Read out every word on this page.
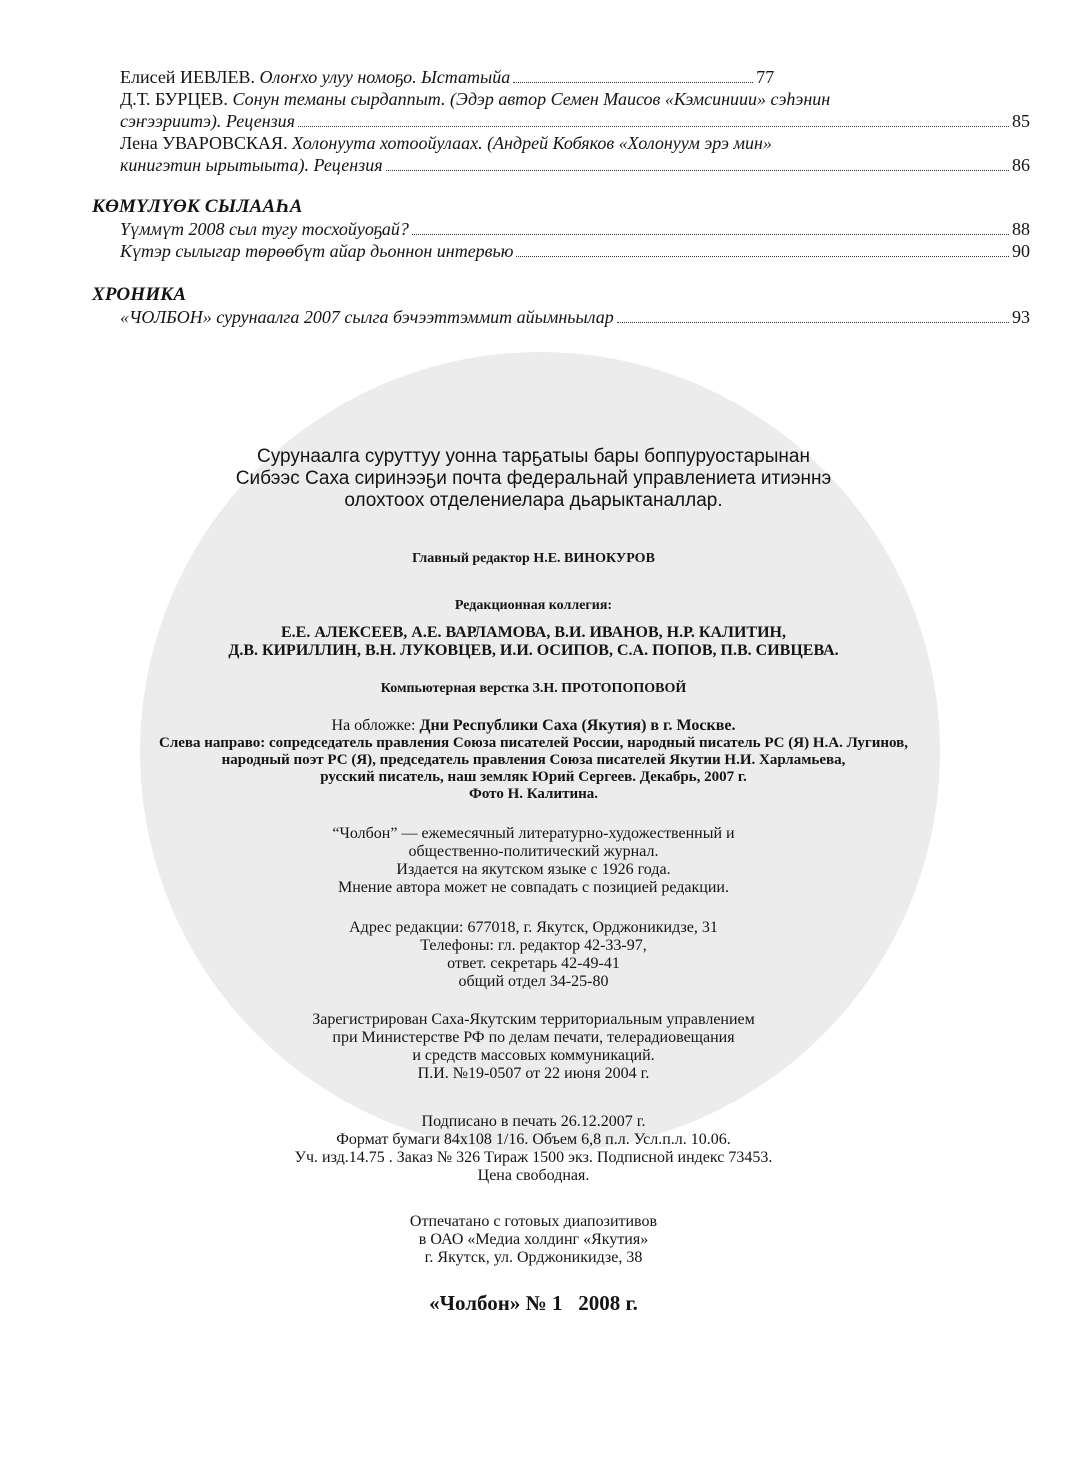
Елисей ИЕВЛЕВ. Олоҥхо улуу номоҕо. Ыстатыйа	77
Д.Т. БУРЦЕВ. Сонун теманы сырдаппыт. (Эдэр автор Семен Маисов «Кэмсиниии» сэһэнин
сэҥээриитэ). Рецензия	85
Лена УВАРОВСКАЯ. Холонуута хотоойулаах. (Андрей Кобяков «Холонуум эрэ мин»
кинигэтин ырытыыта). Рецензия	86
КӨМҮЛҮӨК СЫЛААҺА
Үүммүт 2008 сыл тугу тосхойуоҕай?	88
Күтэр сылыгар төрөөбүт айар дьоннон интервью	90
ХРОНИКА
«ЧОЛБОН» сурунаалга 2007 сылга бэчээттэммит айымньылар	93
Сурунаалга суруттуу уонна тарҕатыы бары боппуруостарынан
Сибээс Саха сиринээҕи почта федеральнай управлениета итиэннэ
олохтоох отделениелара дьарыктаналлар.
Главный редактор Н.Е. ВИНОКУРОВ
Редакционная коллегия:
Е.Е. АЛЕКСЕЕВ, А.Е. ВАРЛАМОВА, В.И. ИВАНОВ, Н.Р. КАЛИТИН,
Д.В. КИРИЛЛИН, В.Н. ЛУКОВЦЕВ, И.И. ОСИПОВ, С.А. ПОПОВ, П.В. СИВЦЕВА.
Компьютерная верстка З.Н. ПРОТОПОПОВОЙ
На обложке: Дни Республики Саха (Якутия) в г. Москве.
Слева направо: сопредседатель правления Союза писателей России, народный писатель РС (Я) Н.А. Лугинов,
народный поэт РС (Я), председатель правления Союза писателей Якутии Н.И. Харламьева,
русский писатель, наш земляк Юрий Сергеев. Декабрь, 2007 г.
Фото Н. Калитина.
“Чолбон” — ежемесячный литературно-художественный и
общественно-политический журнал.
Издается на якутском языке с 1926 года.
Мнение автора может не совпадать с позицией редакции.
Адрес редакции: 677018, г. Якутск, Орджоникидзе, 31
Телефоны: гл. редактор 42-33-97,
ответ. секретарь 42-49-41
общий отдел 34-25-80
Зарегистрирован Саха-Якутским территориальным управлением
при Министерстве РФ по делам печати, телерадиовещания
и средств массовых коммуникаций.
П.И. №19-0507 от 22 июня 2004 г.
Подписано в печать 26.12.2007 г.
Формат бумаги 84х108 1/16. Объем 6,8 п.л. Усл.п.л. 10.06.
Уч. изд.14.75 . Заказ № 326 Тираж 1500 экз. Подписной индекс 73453.
Цена свободная.
Отпечатано с готовых диапозитивов
в ОАО «Медиа холдинг «Якутия»
г. Якутск, ул. Орджоникидзе, 38
«Чолбон» № 1   2008 г.
